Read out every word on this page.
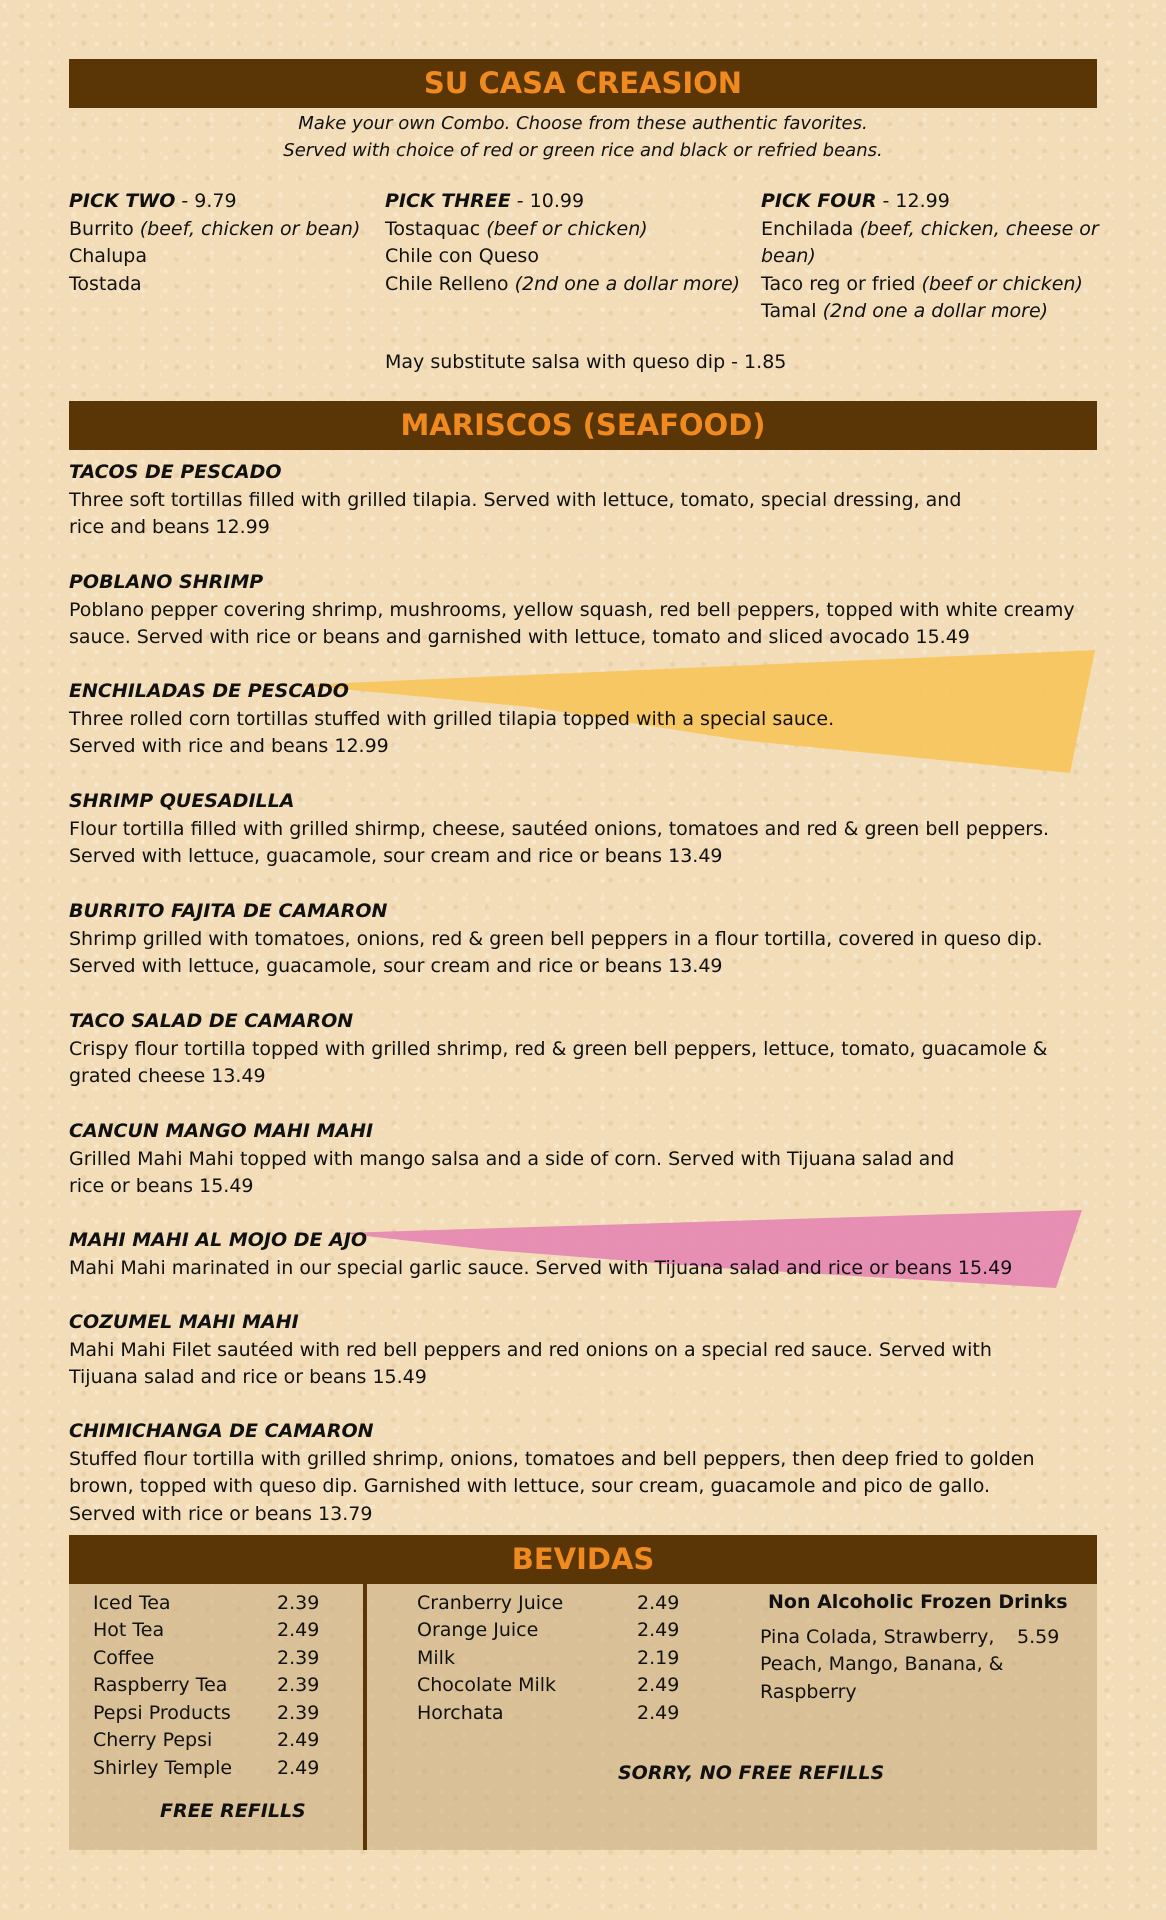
SU CASA CREASION
Make your own Combo. Choose from these authentic favorites.
Served with choice of red or green rice and black or refried beans.
PICK TWO - 9.79
Burrito (beef, chicken or bean)
Chalupa
Tostada
PICK THREE - 10.99
Tostaquac (beef or chicken)
Chile con Queso
Chile Relleno (2nd one a dollar more)
PICK FOUR - 12.99
Enchilada (beef, chicken, cheese or
bean)
Taco reg or fried (beef or chicken)
Tamal (2nd one a dollar more)
May substitute salsa with queso dip - 1.85
MARISCOS (SEAFOOD)
TACOS DE PESCADO
Three soft tortillas filled with grilled tilapia. Served with lettuce, tomato, special dressing, and
rice and beans 12.99
POBLANO SHRIMP
Poblano pepper covering shrimp, mushrooms, yellow squash, red bell peppers, topped with white creamy
sauce. Served with rice or beans and garnished with lettuce, tomato and sliced avocado 15.49
ENCHILADAS DE PESCADO
Three rolled corn tortillas stuffed with grilled tilapia topped with a special sauce.
Served with rice and beans 12.99
SHRIMP QUESADILLA
Flour tortilla filled with grilled shirmp, cheese, sautéed onions, tomatoes and red & green bell peppers.
Served with lettuce, guacamole, sour cream and rice or beans 13.49
BURRITO FAJITA DE CAMARON
Shrimp grilled with tomatoes, onions, red & green bell peppers in a flour tortilla, covered in queso dip.
Served with lettuce, guacamole, sour cream and rice or beans 13.49
TACO SALAD DE CAMARON
Crispy flour tortilla topped with grilled shrimp, red & green bell peppers, lettuce, tomato, guacamole &
grated cheese 13.49
CANCUN MANGO MAHI MAHI
Grilled Mahi Mahi topped with mango salsa and a side of corn. Served with Tijuana salad and
rice or beans 15.49
MAHI MAHI AL MOJO DE AJO
Mahi Mahi marinated in our special garlic sauce. Served with Tijuana salad and rice or beans 15.49
COZUMEL MAHI MAHI
Mahi Mahi Filet sautéed with red bell peppers and red onions on a special red sauce. Served with
Tijuana salad and rice or beans 15.49
CHIMICHANGA DE CAMARON
Stuffed flour tortilla with grilled shrimp, onions, tomatoes and bell peppers, then deep fried to golden
brown, topped with queso dip. Garnished with lettuce, sour cream, guacamole and pico de gallo.
Served with rice or beans 13.79
BEVIDAS
Iced Tea	2.39
Hot Tea	2.49
Coffee	2.39
Raspberry Tea	2.39
Pepsi Products 2.39
Cherry Pepsi	2.49
Shirley Temple 2.49
FREE REFILLS
Cranberry Juice	2.49
Orange Juice	2.49
Milk	2.19
Chocolate Milk	2.49
Horchata	2.49
SORRY, NO FREE REFILLS
Non Alcoholic Frozen Drinks
Pina Colada, Strawberry,
Peach, Mango, Banana, &
Raspberry
5.59
